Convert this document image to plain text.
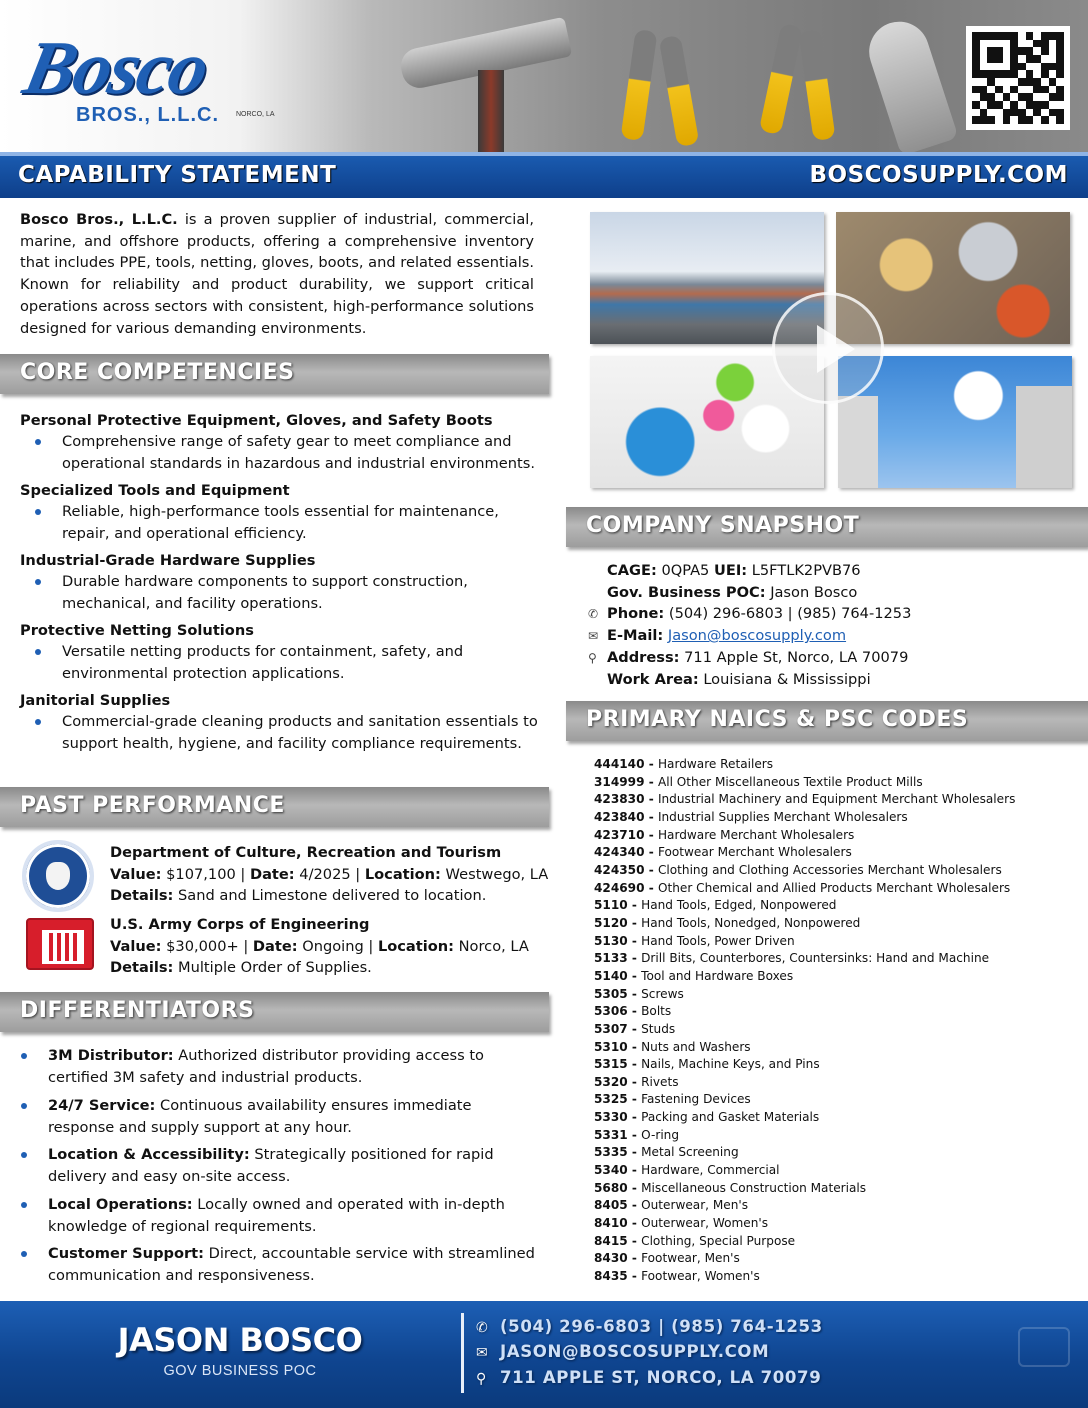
Bosco
BROS., L.L.C. NORCO, LA
CAPABILITY STATEMENT	BOSCOSUPPLY.COM
Bosco Bros., L.L.C. is a proven supplier of industrial, commercial, marine, and offshore products, offering a comprehensive inventory that includes PPE, tools, netting, gloves, boots, and related essentials. Known for reliability and product durability, we support critical operations across sectors with consistent, high-performance solutions designed for various demanding environments.
CORE COMPETENCIES
Personal Protective Equipment, Gloves, and Safety Boots
Comprehensive range of safety gear to meet compliance and operational standards in hazardous and industrial environments.
Specialized Tools and Equipment
Reliable, high-performance tools essential for maintenance, repair, and operational efficiency.
Industrial-Grade Hardware Supplies
Durable hardware components to support construction, mechanical, and facility operations.
Protective Netting Solutions
Versatile netting products for containment, safety, and environmental protection applications.
Janitorial Supplies
Commercial-grade cleaning products and sanitation essentials to support health, hygiene, and facility compliance requirements.
PAST PERFORMANCE
Department of Culture, Recreation and Tourism
Value: $107,100 | Date: 4/2025 | Location: Westwego, LA
Details: Sand and Limestone delivered to location.
U.S. Army Corps of Engineering
Value: $30,000+ | Date: Ongoing | Location: Norco, LA
Details: Multiple Order of Supplies.
DIFFERENTIATORS
3M Distributor: Authorized distributor providing access to certified 3M safety and industrial products.
24/7 Service: Continuous availability ensures immediate response and supply support at any hour.
Location & Accessibility: Strategically positioned for rapid delivery and easy on-site access.
Local Operations: Locally owned and operated with in-depth knowledge of regional requirements.
Customer Support: Direct, accountable service with streamlined communication and responsiveness.
COMPANY SNAPSHOT
CAGE: 0QPA5 UEI: L5FTLK2PVB76
Gov. Business POC: Jason Bosco
✆ Phone: (504) 296-6803 | (985) 764-1253
✉ E-Mail: Jason@boscosupply.com
⚲ Address: 711 Apple St, Norco, LA 70079
Work Area: Louisiana & Mississippi
PRIMARY NAICS & PSC CODES
444140 - Hardware Retailers
314999 - All Other Miscellaneous Textile Product Mills
423830 - Industrial Machinery and Equipment Merchant Wholesalers
423840 - Industrial Supplies Merchant Wholesalers
423710 - Hardware Merchant Wholesalers
424340 - Footwear Merchant Wholesalers
424350 - Clothing and Clothing Accessories Merchant Wholesalers
424690 - Other Chemical and Allied Products Merchant Wholesalers
5110 - Hand Tools, Edged, Nonpowered
5120 - Hand Tools, Nonedged, Nonpowered
5130 - Hand Tools, Power Driven
5133 - Drill Bits, Counterbores, Countersinks: Hand and Machine
5140 - Tool and Hardware Boxes
5305 - Screws
5306 - Bolts
5307 - Studs
5310 - Nuts and Washers
5315 - Nails, Machine Keys, and Pins
5320 - Rivets
5325 - Fastening Devices
5330 - Packing and Gasket Materials
5331 - O-ring
5335 - Metal Screening
5340 - Hardware, Commercial
5680 - Miscellaneous Construction Materials
8405 - Outerwear, Men's
8410 - Outerwear, Women's
8415 - Clothing, Special Purpose
8430 - Footwear, Men's
8435 - Footwear, Women's
JASON BOSCO
GOV BUSINESS POC
✆ (504) 296-6803 | (985) 764-1253
✉ JASON@BOSCOSUPPLY.COM
⚲ 711 APPLE ST, NORCO, LA 70079
